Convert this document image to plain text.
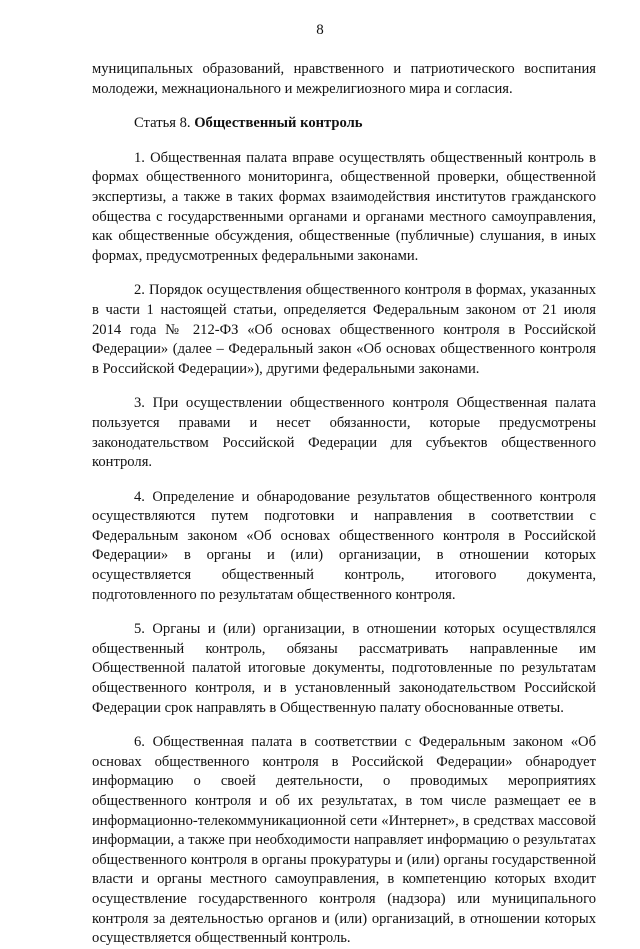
8

муниципальных образований, нравственного и патриотического воспитания молодежи, межнационального и межрелигиозного мира и согласия.

Статья 8. Общественный контроль

1. Общественная палата вправе осуществлять общественный контроль в формах общественного мониторинга, общественной проверки, общественной экспертизы, а также в таких формах взаимодействия институтов гражданского общества с государственными органами и органами местного самоуправления, как общественные обсуждения, общественные (публичные) слушания, в иных формах, предусмотренных федеральными законами.

2. Порядок осуществления общественного контроля в формах, указанных в части 1 настоящей статьи, определяется Федеральным законом от 21 июля 2014 года № 212-ФЗ «Об основах общественного контроля в Российской Федерации» (далее – Федеральный закон «Об основах общественного контроля в Российской Федерации»), другими федеральными законами.

3. При осуществлении общественного контроля Общественная палата пользуется правами и несет обязанности, которые предусмотрены законодательством Российской Федерации для субъектов общественного контроля.

4. Определение и обнародование результатов общественного контроля осуществляются путем подготовки и направления в соответствии с Федеральным законом «Об основах общественного контроля в Российской Федерации» в органы и (или) организации, в отношении которых осуществляется общественный контроль, итогового документа, подготовленного по результатам общественного контроля.

5. Органы и (или) организации, в отношении которых осуществлялся общественный контроль, обязаны рассматривать направленные им Общественной палатой итоговые документы, подготовленные по результатам общественного контроля, и в установленный законодательством Российской Федерации срок направлять в Общественную палату обоснованные ответы.

6. Общественная палата в соответствии с Федеральным законом «Об основах общественного контроля в Российской Федерации» обнародует информацию о своей деятельности, о проводимых мероприятиях общественного контроля и об их результатах, в том числе размещает ее в информационно-телекоммуникационной сети «Интернет», в средствах массовой информации, а также при необходимости направляет информацию о результатах общественного контроля в органы прокуратуры и (или) органы государственной власти и органы местного самоуправления, в компетенцию которых входит осуществление государственного контроля (надзора) или муниципального контроля за деятельностью органов и (или) организаций, в отношении которых осуществляется общественный контроль.
